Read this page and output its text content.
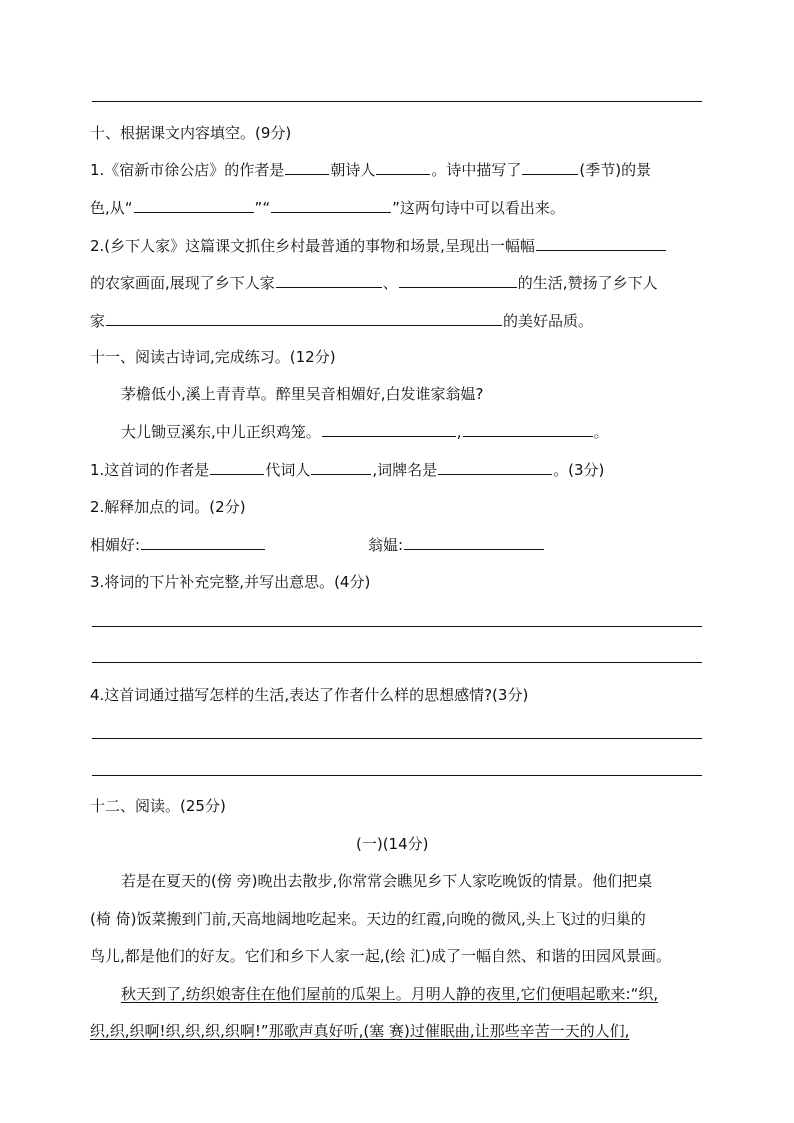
十、根据课文内容填空。(9分)
1.《宿新市徐公店》的作者是	朝诗人	。诗中描写了	(季节)的景
色,从“	”“	”这两句诗中可以看出来。
2.(乡下人家》这篇课文抓住乡村最普通的事物和场景,呈现出一幅幅
的农家画面,展现了乡下人家	、	的生活,赞扬了乡下人
家	的美好品质。
十一、阅读古诗词,完成练习。(12分)
茅檐低小,溪上青青草。醉里吴音相媚好,白发谁家翁媪?
大儿锄豆溪东,中儿正织鸡笼。	,	。
1.这首词的作者是	代词人	,词牌名是	。(3分)
2.解释加点的词。(2分)
相媚好:	翁媪:
3.将词的下片补充完整,并写出意思。(4分)
4.这首词通过描写怎样的生活,表达了作者什么样的思想感情?(3分)
十二、阅读。(25分)
(一)(14分)
若是在夏天的(傍 旁)晚出去散步,你常常会瞧见乡下人家吃晚饭的情景。他们把桌
(椅 倚)饭菜搬到门前,天高地阔地吃起来。天边的红霞,向晚的微风,头上飞过的归巢的
鸟儿,都是他们的好友。它们和乡下人家一起,(绘 汇)成了一幅自然、和谐的田园风景画。
秋天到了,纺织娘寄住在他们屋前的瓜架上。月明人静的夜里,它们便唱起歌来:“织,
织,织,织啊!织,织,织,织啊!”那歌声真好听,(塞 赛)过催眠曲,让那些辛苦一天的人们,
